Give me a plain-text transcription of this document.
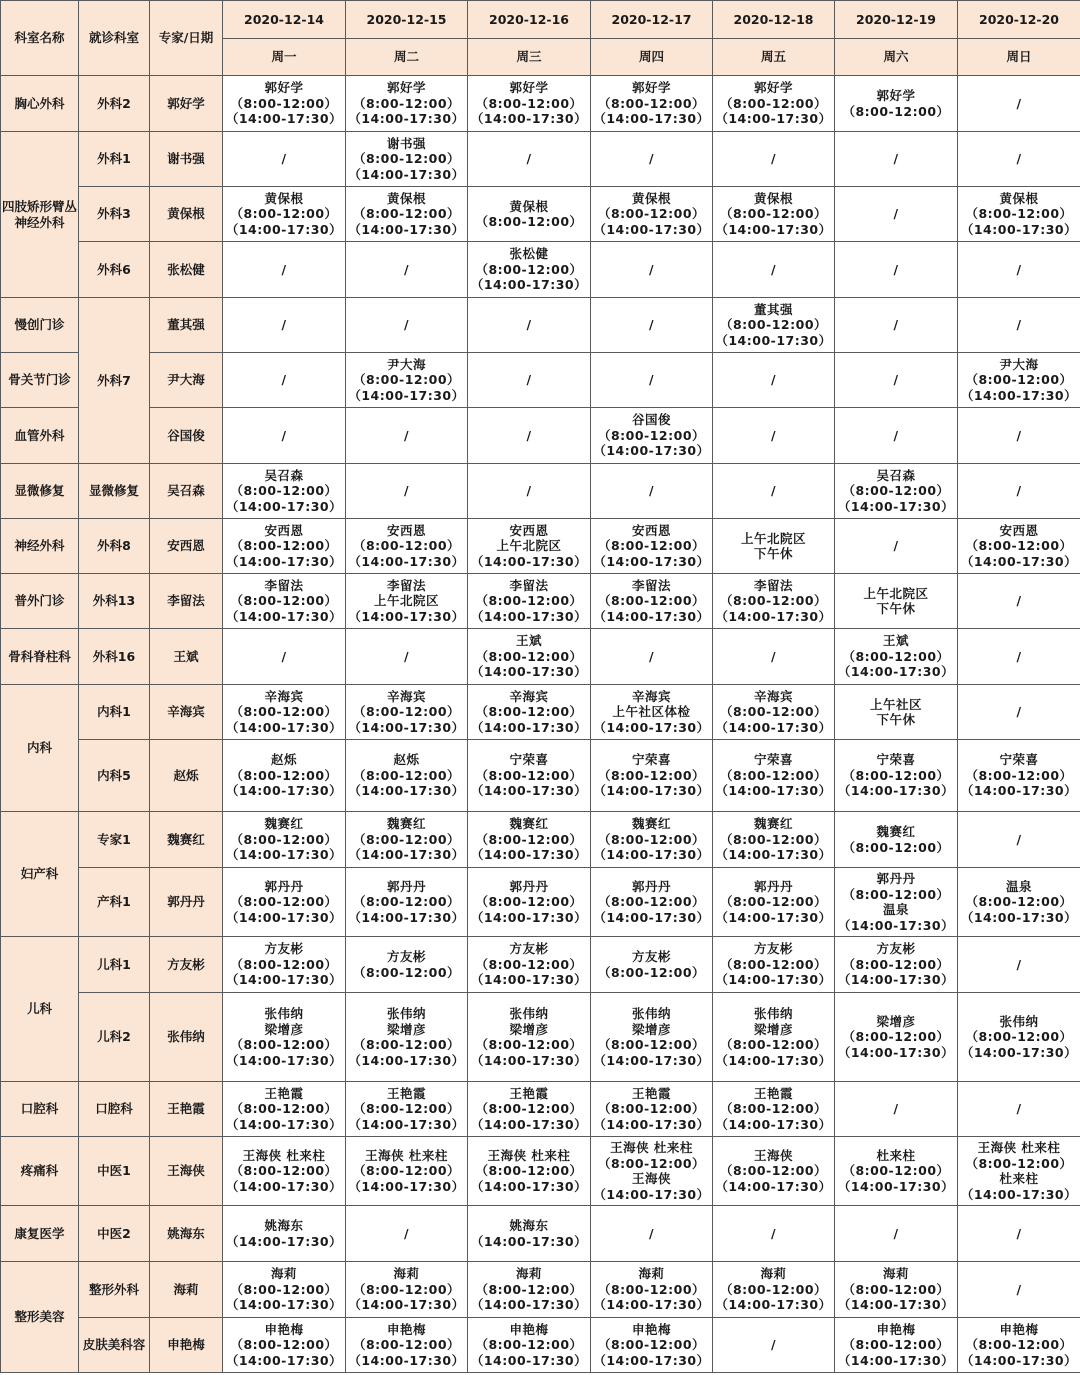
科室名称	就诊科室	专家/日期	2020-12-14	2020-12-15	2020-12-16	2020-12-17	2020-12-18	2020-12-19	2020-12-20
			周一	周二	周三	周四	周五	周六	周日
胸心外科	外科2	郭好学	郭好学
（8:00-12:00）
（14:00-17:30）	郭好学
（8:00-12:00）
（14:00-17:30）	郭好学
（8:00-12:00）
（14:00-17:30）	郭好学
（8:00-12:00）
（14:00-17:30）	郭好学
（8:00-12:00）
（14:00-17:30）	郭好学
（8:00-12:00）	/

四肢矫形臂丛神经外科	外科1	谢书强	/	谢书强
（8:00-12:00）
（14:00-17:30）	/	/	/	/	/

	外科3	黄保根	黄保根
（8:00-12:00）
（14:00-17:30）	黄保根
（8:00-12:00）
（14:00-17:30）	黄保根
（8:00-12:00）	黄保根
（8:00-12:00）
（14:00-17:30）	黄保根
（8:00-12:00）
（14:00-17:30）	/	黄保根
（8:00-12:00）
（14:00-17:30）

	外科6	张松健	/	/	张松健
（8:00-12:00）
（14:00-17:30）	/	/	/	/

慢创门诊	外科7	董其强	/	/	/	/	董其强
（8:00-12:00）
（14:00-17:30）	/	/

骨关节门诊		尹大海	/	尹大海
（8:00-12:00）
（14:00-17:30）	/	/	/	/	尹大海
（8:00-12:00）
（14:00-17:30）

血管外科		谷国俊	/	/	/	谷国俊
（8:00-12:00）
（14:00-17:30）	/	/	/

显微修复	显微修复	吴召森	吴召森
（8:00-12:00）
（14:00-17:30）	/	/	/	/	吴召森
（8:00-12:00）
（14:00-17:30）	/

神经外科	外科8	安西恩	安西恩
（8:00-12:00）
（14:00-17:30）	安西恩
（8:00-12:00）
（14:00-17:30）	安西恩
上午北院区
（14:00-17:30）	安西恩
（8:00-12:00）
（14:00-17:30）	上午北院区
下午休	/	安西恩
（8:00-12:00）
（14:00-17:30）

普外门诊	外科13	李留法	李留法
（8:00-12:00）
（14:00-17:30）	李留法
上午北院区
（14:00-17:30）	李留法
（8:00-12:00）
（14:00-17:30）	李留法
（8:00-12:00）
（14:00-17:30）	李留法
（8:00-12:00）
（14:00-17:30）	上午北院区
下午休	/

骨科脊柱科	外科16	王斌	/	/	王斌
（8:00-12:00）
（14:00-17:30）	/	/	王斌
（8:00-12:00）
（14:00-17:30）	/

内科	内科1	辛海宾	辛海宾
（8:00-12:00）
（14:00-17:30）	辛海宾
（8:00-12:00）
（14:00-17:30）	辛海宾
（8:00-12:00）
（14:00-17:30）	辛海宾
上午社区体检
（14:00-17:30）	辛海宾
（8:00-12:00）
（14:00-17:30）	上午社区
下午休	/

	内科5	赵烁	赵烁
（8:00-12:00）
（14:00-17:30）	赵烁
（8:00-12:00）
（14:00-17:30）	宁荣喜
（8:00-12:00）
（14:00-17:30）	宁荣喜
（8:00-12:00）
（14:00-17:30）	宁荣喜
（8:00-12:00）
（14:00-17:30）	宁荣喜
（8:00-12:00）
（14:00-17:30）	宁荣喜
（8:00-12:00）
（14:00-17:30）

妇产科	专家1	魏赛红	魏赛红
（8:00-12:00）
（14:00-17:30）	魏赛红
（8:00-12:00）
（14:00-17:30）	魏赛红
（8:00-12:00）
（14:00-17:30）	魏赛红
（8:00-12:00）
（14:00-17:30）	魏赛红
（8:00-12:00）
（14:00-17:30）	魏赛红
（8:00-12:00）	/

	产科1	郭丹丹	郭丹丹
（8:00-12:00）
（14:00-17:30）	郭丹丹
（8:00-12:00）
（14:00-17:30）	郭丹丹
（8:00-12:00）
（14:00-17:30）	郭丹丹
（8:00-12:00）
（14:00-17:30）	郭丹丹
（8:00-12:00）
（14:00-17:30）	郭丹丹
（8:00-12:00）
温泉
（14:00-17:30）	温泉
（8:00-12:00）
（14:00-17:30）

儿科	儿科1	方友彬	方友彬
（8:00-12:00）
（14:00-17:30）	方友彬
（8:00-12:00）	方友彬
（8:00-12:00）
（14:00-17:30）	方友彬
（8:00-12:00）	方友彬
（8:00-12:00）
（14:00-17:30）	方友彬
（8:00-12:00）
（14:00-17:30）	/

	儿科2	张伟纳	张伟纳
梁增彦
（8:00-12:00）
（14:00-17:30）	张伟纳
梁增彦
（8:00-12:00）
（14:00-17:30）	张伟纳
梁增彦
（8:00-12:00）
（14:00-17:30）	张伟纳
梁增彦
（8:00-12:00）
（14:00-17:30）	张伟纳
梁增彦
（8:00-12:00）
（14:00-17:30）	梁增彦
（8:00-12:00）
（14:00-17:30）	张伟纳
（8:00-12:00）
（14:00-17:30）

口腔科	口腔科	王艳霞	王艳霞
（8:00-12:00）
（14:00-17:30）	王艳霞
（8:00-12:00）
（14:00-17:30）	王艳霞
（8:00-12:00）
（14:00-17:30）	王艳霞
（8:00-12:00）
（14:00-17:30）	王艳霞
（8:00-12:00）
（14:00-17:30）	/	/

疼痛科	中医1	王海侠	王海侠 杜来柱
（8:00-12:00）
（14:00-17:30）	王海侠 杜来柱
（8:00-12:00）
（14:00-17:30）	王海侠 杜来柱
（8:00-12:00）
（14:00-17:30）	王海侠 杜来柱
（8:00-12:00）
王海侠
（14:00-17:30）	王海侠
（8:00-12:00）
（14:00-17:30）	杜来柱
（8:00-12:00）
（14:00-17:30）	王海侠 杜来柱
（8:00-12:00）
杜来柱
（14:00-17:30）

康复医学	中医2	姚海东	姚海东
（14:00-17:30）	/	姚海东
（14:00-17:30）	/	/	/	/

整形美容	整形外科	海莉	海莉
（8:00-12:00）
（14:00-17:30）	海莉
（8:00-12:00）
（14:00-17:30）	海莉
（8:00-12:00）
（14:00-17:30）	海莉
（8:00-12:00）
（14:00-17:30）	海莉
（8:00-12:00）
（14:00-17:30）	海莉
（8:00-12:00）
（14:00-17:30）	/

	皮肤美科容	申艳梅	申艳梅
（8:00-12:00）
（14:00-17:30）	申艳梅
（8:00-12:00）
（14:00-17:30）	申艳梅
（8:00-12:00）
（14:00-17:30）	申艳梅
（8:00-12:00）
（14:00-17:30）	/	申艳梅
（8:00-12:00）
（14:00-17:30）	申艳梅
（8:00-12:00）
（14:00-17:30）
